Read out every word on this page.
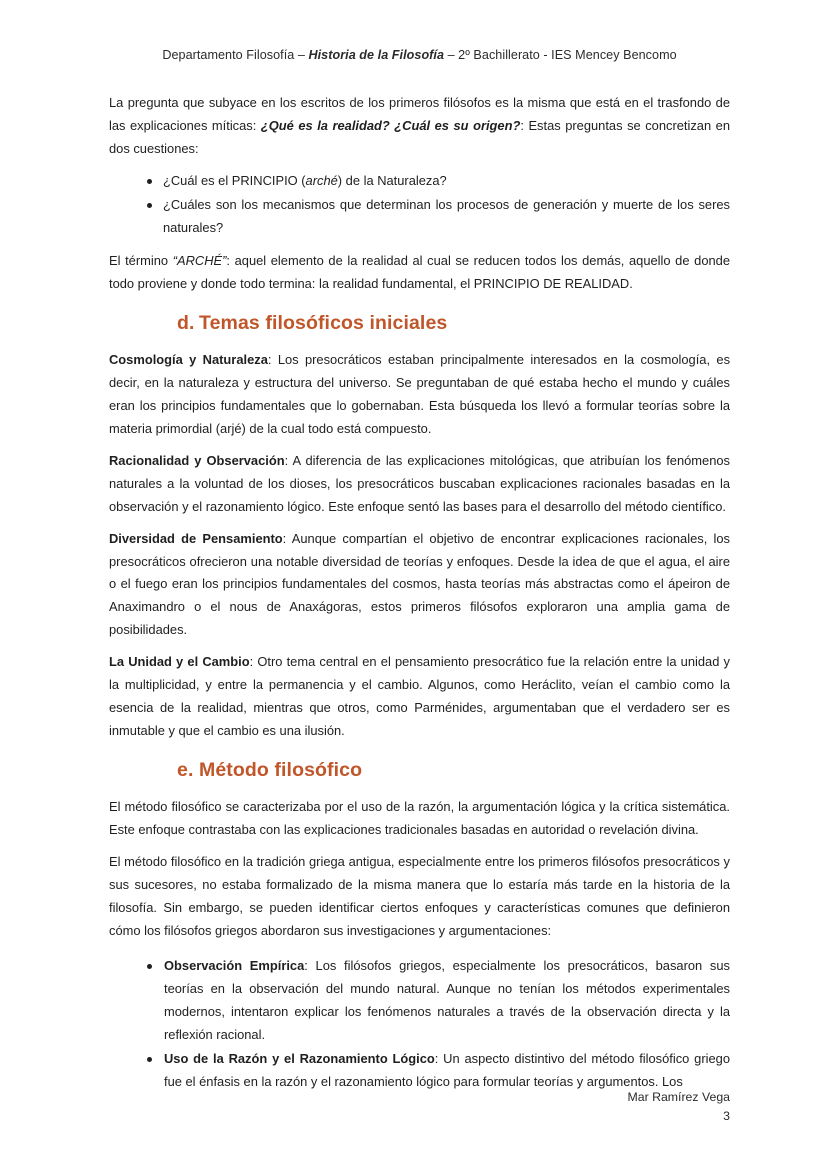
Departamento Filosofía – Historia de la Filosofía – 2º Bachillerato - IES Mencey Bencomo

La pregunta que subyace en los escritos de los primeros filósofos es la misma que está en el trasfondo de las explicaciones míticas: ¿Qué es la realidad? ¿Cuál es su origen?: Estas preguntas se concretizan en dos cuestiones:

¿Cuál es el PRINCIPIO (arché) de la Naturaleza?
¿Cuáles son los mecanismos que determinan los procesos de generación y muerte de los seres naturales?

El término “ARCHÉ”: aquel elemento de la realidad al cual se reducen todos los demás, aquello de donde todo proviene y donde todo termina: la realidad fundamental, el PRINCIPIO DE REALIDAD.

d. Temas filosóficos iniciales

Cosmología y Naturaleza: Los presocráticos estaban principalmente interesados en la cosmología, es decir, en la naturaleza y estructura del universo. Se preguntaban de qué estaba hecho el mundo y cuáles eran los principios fundamentales que lo gobernaban. Esta búsqueda los llevó a formular teorías sobre la materia primordial (arjé) de la cual todo está compuesto.

Racionalidad y Observación: A diferencia de las explicaciones mitológicas, que atribuían los fenómenos naturales a la voluntad de los dioses, los presocráticos buscaban explicaciones racionales basadas en la observación y el razonamiento lógico. Este enfoque sentó las bases para el desarrollo del método científico.

Diversidad de Pensamiento: Aunque compartían el objetivo de encontrar explicaciones racionales, los presocráticos ofrecieron una notable diversidad de teorías y enfoques. Desde la idea de que el agua, el aire o el fuego eran los principios fundamentales del cosmos, hasta teorías más abstractas como el ápeiron de Anaximandro o el nous de Anaxágoras, estos primeros filósofos exploraron una amplia gama de posibilidades.

La Unidad y el Cambio: Otro tema central en el pensamiento presocrático fue la relación entre la unidad y la multiplicidad, y entre la permanencia y el cambio. Algunos, como Heráclito, veían el cambio como la esencia de la realidad, mientras que otros, como Parménides, argumentaban que el verdadero ser es inmutable y que el cambio es una ilusión.

e. Método filosófico

El método filosófico se caracterizaba por el uso de la razón, la argumentación lógica y la crítica sistemática. Este enfoque contrastaba con las explicaciones tradicionales basadas en autoridad o revelación divina.

El método filosófico en la tradición griega antigua, especialmente entre los primeros filósofos presocráticos y sus sucesores, no estaba formalizado de la misma manera que lo estaría más tarde en la historia de la filosofía. Sin embargo, se pueden identificar ciertos enfoques y características comunes que definieron cómo los filósofos griegos abordaron sus investigaciones y argumentaciones:

Observación Empírica: Los filósofos griegos, especialmente los presocráticos, basaron sus teorías en la observación del mundo natural. Aunque no tenían los métodos experimentales modernos, intentaron explicar los fenómenos naturales a través de la observación directa y la reflexión racional.
Uso de la Razón y el Razonamiento Lógico: Un aspecto distintivo del método filosófico griego fue el énfasis en la razón y el razonamiento lógico para formular teorías y argumentos. Los
Mar Ramírez Vega
3
